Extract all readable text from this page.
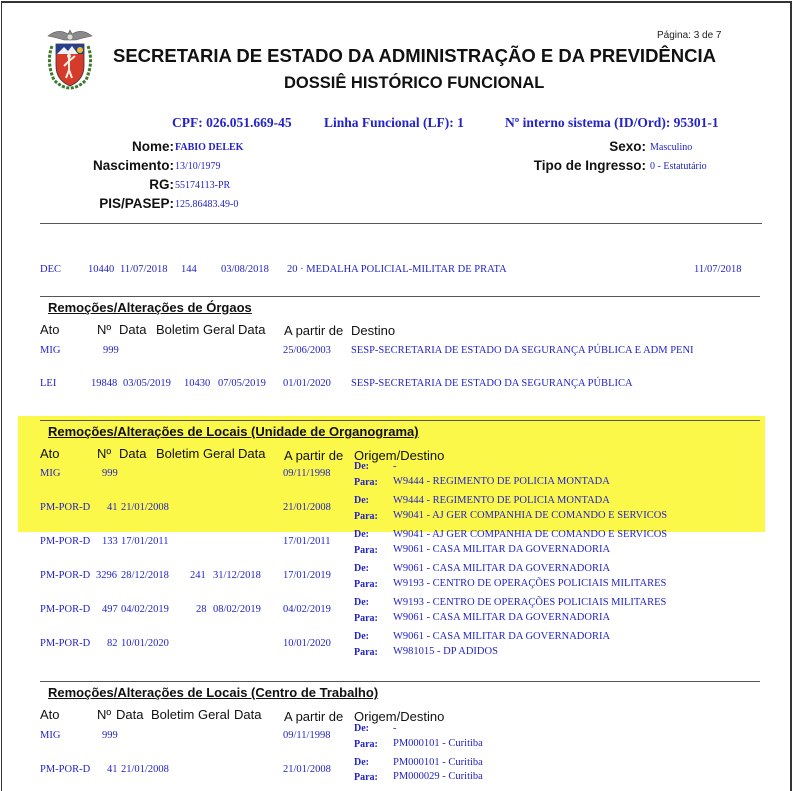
Página: 3 de 7
SECRETARIA DE ESTADO DA ADMINISTRAÇÃO E DA PREVIDÊNCIA
DOSSIÊ HISTÓRICO FUNCIONAL
CPF: 026.051.669-45 Linha Funcional (LF): 1	Nº interno sistema (ID/Ord): 95301-1
Nome: FABIO DELEK
Nascimento: 13/10/1979
RG: 55174113-PR
PIS/PASEP: 125.86483.49-0
Sexo: Masculino
Tipo de Ingresso: 0 - Estatutário
DEC	10440 11/07/2018 144 03/08/2018 20 · MEDALHA POLICIAL-MILITAR DE PRATA	11/07/2018
Remoções/Alterações de Órgaos
Ato	Nº Data Boletim Geral Data A partir de Destino
MIG	999	25/06/2003 SESP-SECRETARIA DE ESTADO DA SEGURANÇA PÚBLICA E ADM PENI
LEI	19848 03/05/2019 10430 07/05/2019 01/01/2020 SESP-SECRETARIA DE ESTADO DA SEGURANÇA PÚBLICA
Remoções/Alterações de Locais (Unidade de Organograma)
Ato	Nº Data Boletim Geral Data A partir de Origem/Destino
MIG	999	09/11/1998
De: -
Para: W9444 - REGIMENTO DE POLICIA MONTADA
PM-POR-D 41 21/01/2008	21/01/2008
De: W9444 - REGIMENTO DE POLICIA MONTADA
Para: W9041 - AJ GER COMPANHIA DE COMANDO E SERVICOS
PM-POR-D 133 17/01/2011	17/01/2011
De: W9041 - AJ GER COMPANHIA DE COMANDO E SERVICOS
Para: W9061 - CASA MILITAR DA GOVERNADORIA
PM-POR-D 3296 28/12/2018 241 31/12/2018 17/01/2019
De: W9061 - CASA MILITAR DA GOVERNADORIA
Para: W9193 - CENTRO DE OPERAÇÕES POLICIAIS MILITARES
PM-POR-D 497 04/02/2019	28 08/02/2019 04/02/2019
De: W9193 - CENTRO DE OPERAÇÕES POLICIAIS MILITARES
Para: W9061 - CASA MILITAR DA GOVERNADORIA
PM-POR-D 82 10/01/2020	10/01/2020
De: W9061 - CASA MILITAR DA GOVERNADORIA
Para: W981015 - DP ADIDOS
Remoções/Alterações de Locais (Centro de Trabalho)
Ato	Nº Data Boletim Geral Data A partir de Origem/Destino
MIG	999	09/11/1998
De: -
Para: PM000101 - Curitiba
PM-POR-D 41 21/01/2008	21/01/2008
De: PM000101 - Curitiba
Para: PM000029 - Curitiba
